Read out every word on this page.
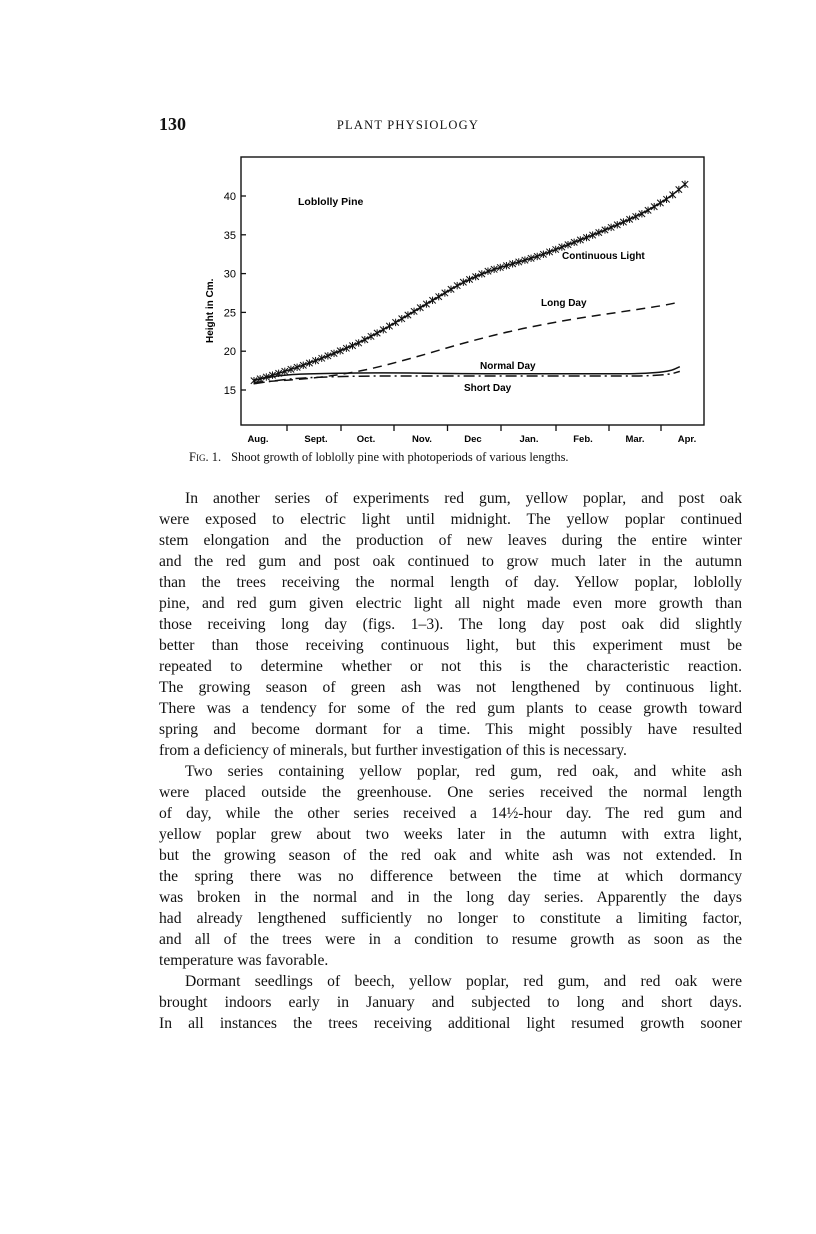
130	PLANT PHYSIOLOGY
15
20
25
30
35
40
Aug.	Sept.	Oct.	Nov.	Dec	Jan.	Feb.	Mar.	Apr.
Loblolly Pine
Height in Cm.
Continuous Light
Long Day
Normal Day
Short Day
Fig. 1. Shoot growth of loblolly pine with photoperiods of various lengths.

In another series of experiments red gum, yellow poplar, and post oak
were exposed to electric light until midnight. The yellow poplar continued
stem elongation and the production of new leaves during the entire winter
and the red gum and post oak continued to grow much later in the autumn
than the trees receiving the normal length of day. Yellow poplar, loblolly
pine, and red gum given electric light all night made even more growth than
those receiving long day (figs. 1–3). The long day post oak did slightly
better than those receiving continuous light, but this experiment must be
repeated to determine whether or not this is the characteristic reaction.
The growing season of green ash was not lengthened by continuous light.
There was a tendency for some of the red gum plants to cease growth toward
spring and become dormant for a time. This might possibly have resulted
from a deficiency of minerals, but further investigation of this is necessary.

Two series containing yellow poplar, red gum, red oak, and white ash
were placed outside the greenhouse. One series received the normal length
of day, while the other series received a 14½-hour day. The red gum and
yellow poplar grew about two weeks later in the autumn with extra light,
but the growing season of the red oak and white ash was not extended. In
the spring there was no difference between the time at which dormancy
was broken in the normal and in the long day series. Apparently the days
had already lengthened sufficiently no longer to constitute a limiting factor,
and all of the trees were in a condition to resume growth as soon as the
temperature was favorable.

Dormant seedlings of beech, yellow poplar, red gum, and red oak were
brought indoors early in January and subjected to long and short days.
In all instances the trees receiving additional light resumed growth sooner
